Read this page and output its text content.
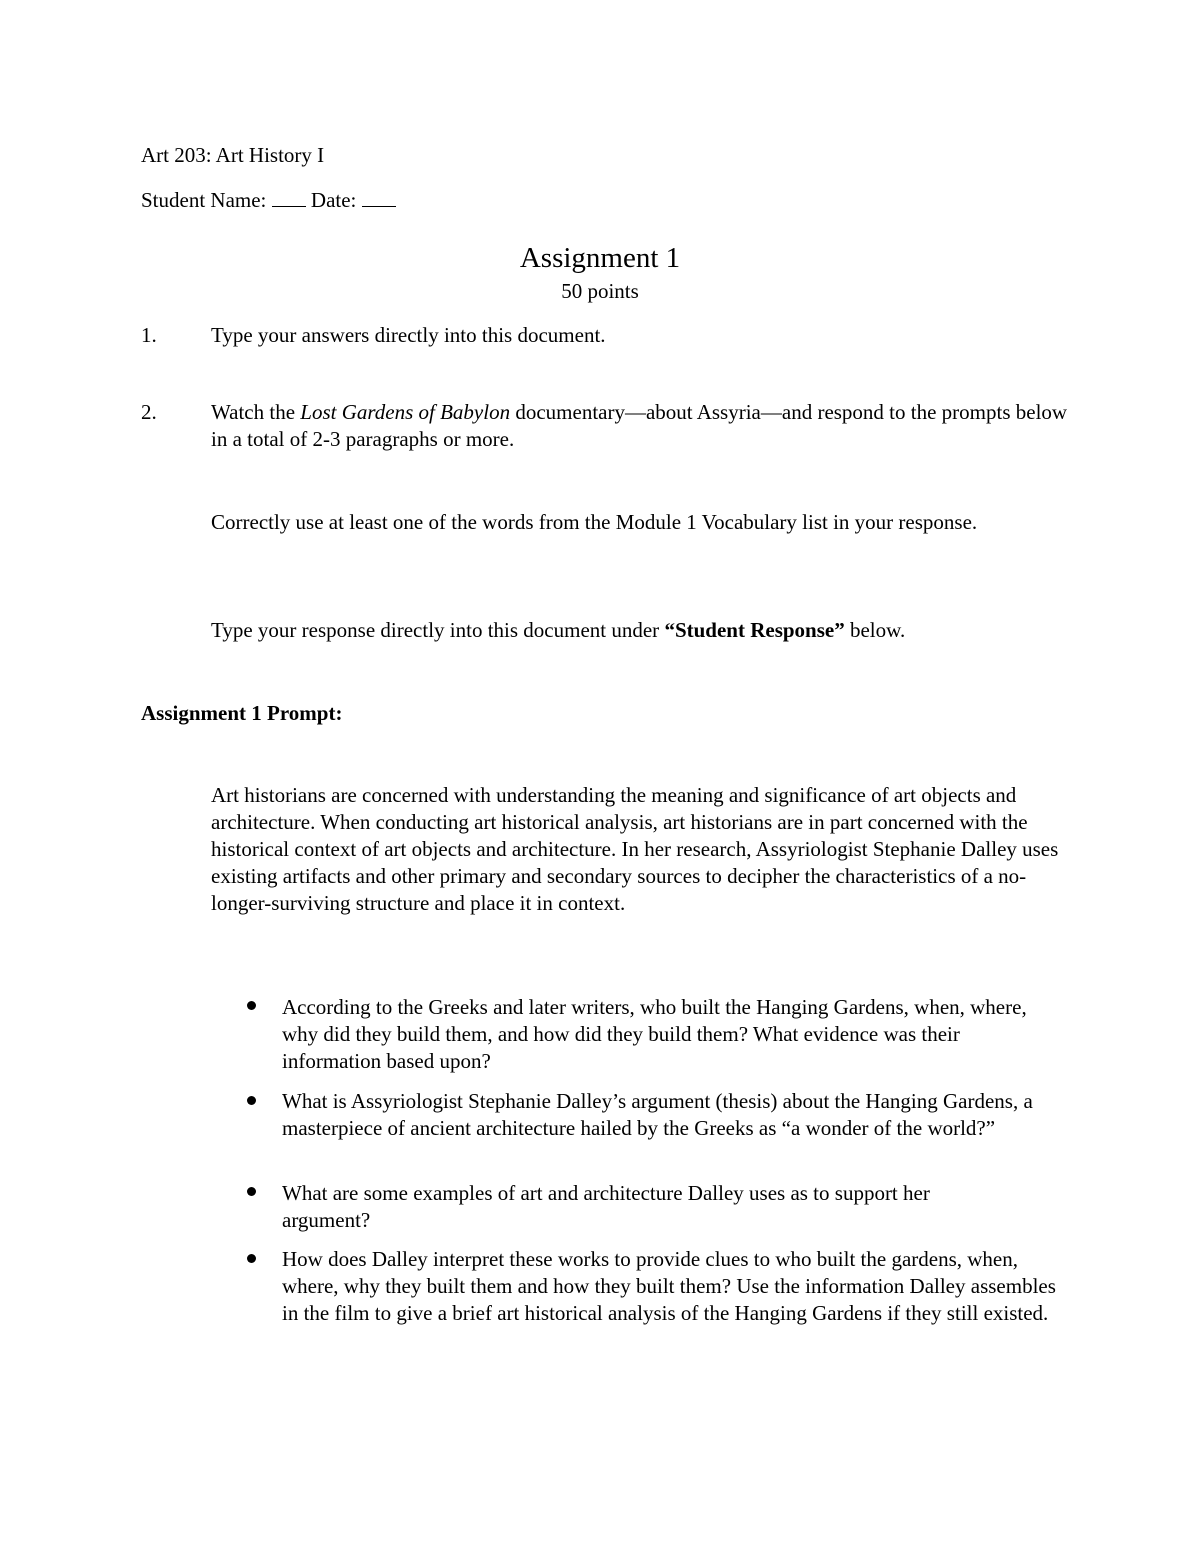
Art 203: Art History I
Student Name: Date:
Assignment 1
50 points
1.	Type your answers directly into this document.
2.	Watch the Lost Gardens of Babylon documentary—about Assyria—and respond to the prompts below in a total of 2-3 paragraphs or more.
Correctly use at least one of the words from the Module 1 Vocabulary list in your response.
Type your response directly into this document under “Student Response” below.
Assignment 1 Prompt:
Art historians are concerned with understanding the meaning and significance of art objects and architecture. When conducting art historical analysis, art historians are in part concerned with the historical context of art objects and architecture. In her research, Assyriologist Stephanie Dalley uses existing artifacts and other primary and secondary sources to decipher the characteristics of a no-longer-surviving structure and place it in context.
According to the Greeks and later writers, who built the Hanging Gardens, when, where, why did they build them, and how did they build them? What evidence was their information based upon?
What is Assyriologist Stephanie Dalley’s argument (thesis) about the Hanging Gardens, a masterpiece of ancient architecture hailed by the Greeks as “a wonder of the world?”
What are some examples of art and architecture Dalley uses as to support her argument?
How does Dalley interpret these works to provide clues to who built the gardens, when, where, why they built them and how they built them? Use the information Dalley assembles in the film to give a brief art historical analysis of the Hanging Gardens if they still existed.
